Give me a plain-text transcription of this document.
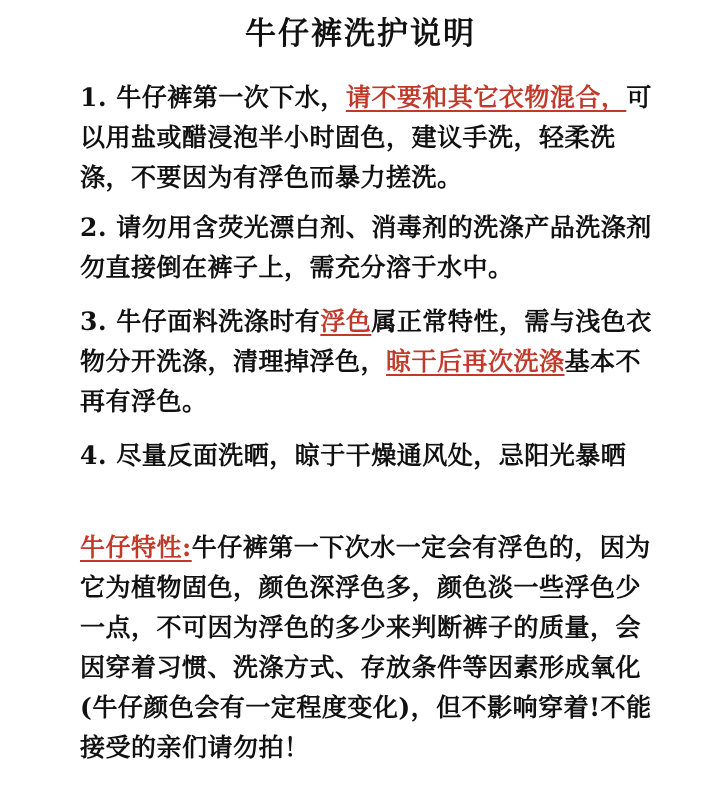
牛仔裤洗护说明
1. 牛仔裤第一次下水，请不要和其它衣物混合，可以用盐或醋浸泡半小时固色，建议手洗，轻柔洗涤，不要因为有浮色而暴力搓洗。
2. 请勿用含荧光漂白剂、消毒剂的洗涤产品洗涤剂勿直接倒在裤子上，需充分溶于水中。
3. 牛仔面料洗涤时有浮色属正常特性，需与浅色衣物分开洗涤，清理掉浮色，晾干后再次洗涤基本不再有浮色。
4. 尽量反面洗晒，晾于干燥通风处，忌阳光暴晒
牛仔特性:牛仔裤第一下次水一定会有浮色的，因为它为植物固色，颜色深浮色多，颜色淡一些浮色少一点，不可因为浮色的多少来判断裤子的质量，会因穿着习惯、洗涤方式、存放条件等因素形成氧化(牛仔颜色会有一定程度变化)，但不影响穿着!不能接受的亲们请勿拍！
